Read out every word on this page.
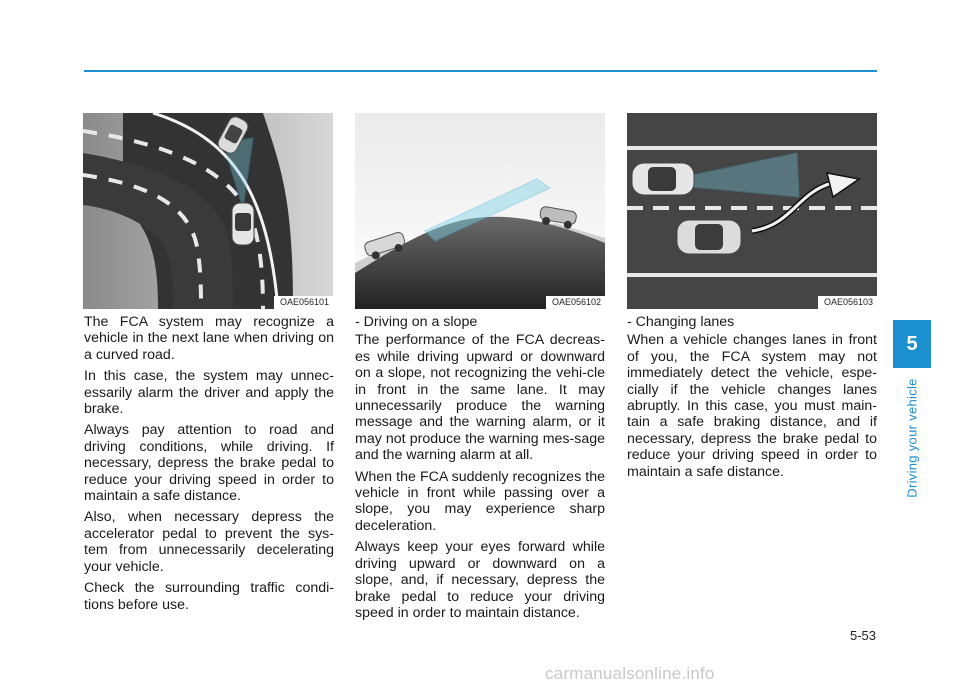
OAE056101	OAE056102	OAE056103

The FCA system may recognize a vehicle in the next lane when driving on a curved road.

In this case, the system may unnec-essarily alarm the driver and apply the brake.

Always pay attention to road and driving conditions, while driving. If necessary, depress the brake pedal to reduce your driving speed in order to maintain a safe distance.

Also, when necessary depress the accelerator pedal to prevent the sys-tem from unnecessarily decelerating your vehicle.

Check the surrounding traffic condi-tions before use.

- Driving on a slope

The performance of the FCA decreas-es while driving upward or downward on a slope, not recognizing the vehi-cle in front in the same lane. It may unnecessarily produce the warning message and the warning alarm, or it may not produce the warning mes-sage and the warning alarm at all.

When the FCA suddenly recognizes the vehicle in front while passing over a slope, you may experience sharp deceleration.

Always keep your eyes forward while driving upward or downward on a slope, and, if necessary, depress the brake pedal to reduce your driving speed in order to maintain distance.

- Changing lanes

When a vehicle changes lanes in front of you, the FCA system may not immediately detect the vehicle, espe-cially if the vehicle changes lanes abruptly. In this case, you must main-tain a safe braking distance, and if necessary, depress the brake pedal to reduce your driving speed in order to maintain a safe distance.

5
Driving your vehicle
5-53
carmanualsonline.info
